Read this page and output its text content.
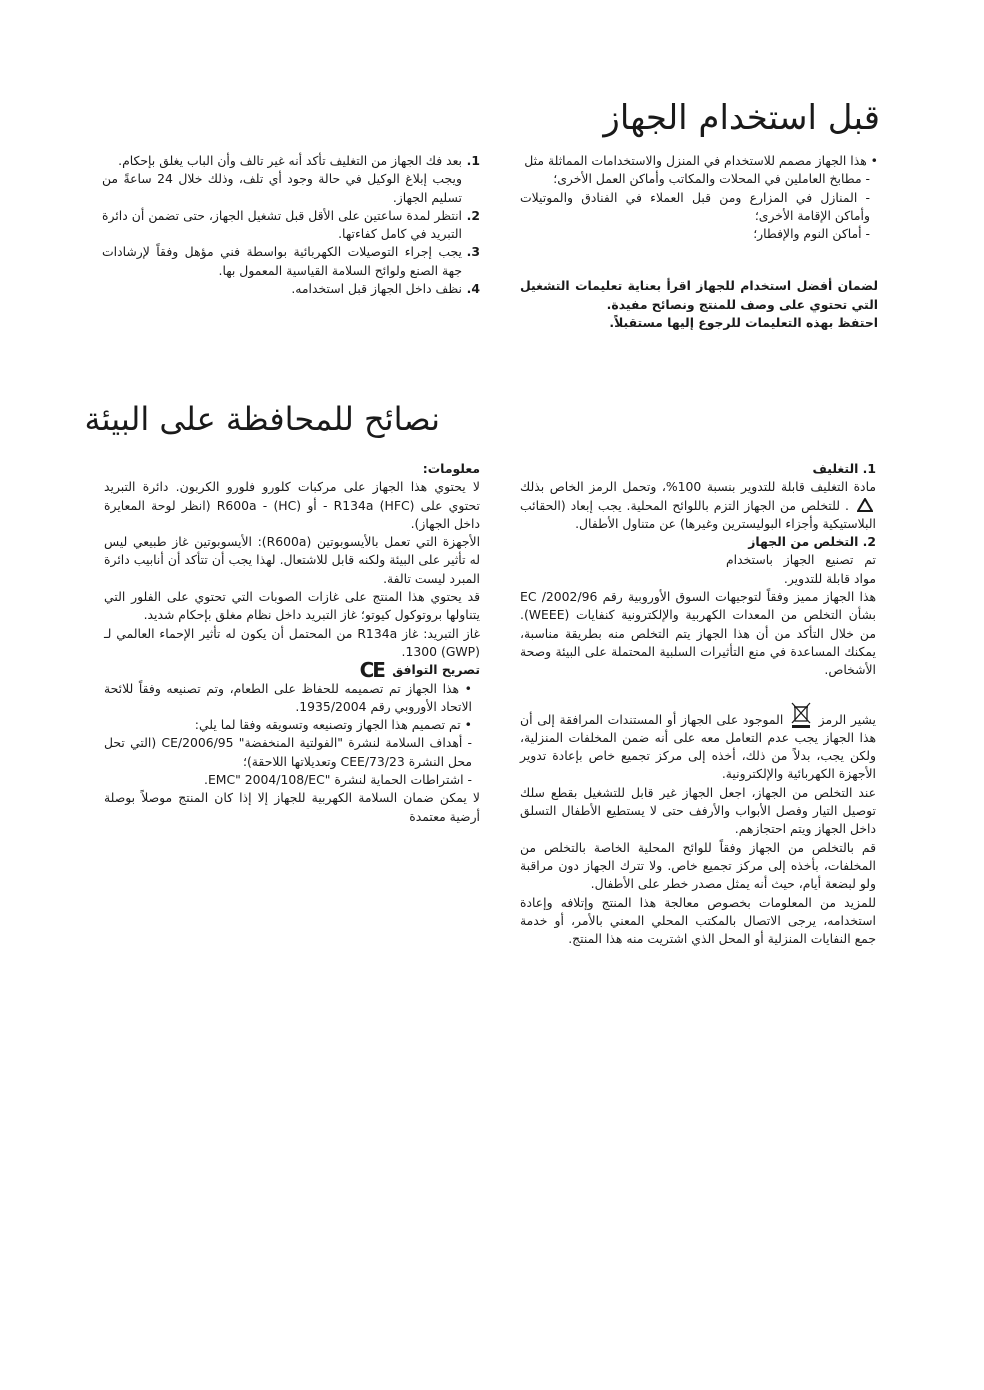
قبل استخدام الجهاز

• هذا الجهاز مصمم للاستخدام في المنزل والاستخدامات المماثلة مثل

- مطابخ العاملين في المحلات والمكاتب وأماكن العمل الأخرى؛

- المنازل في المزارع ومن قبل العملاء في الفنادق والموتيلات وأماكن الإقامة الأخرى؛

- أماكن النوم والإفطار؛

لضمان أفضل استخدام للجهاز اقرأ بعناية تعليمات التشغيل التي تحتوي على وصف للمنتج ونصائح مفيدة.

احتفظ بهذه التعليمات للرجوع إليها مستقبلاً.

1.

بعد فك الجهاز من التغليف تأكد أنه غير تالف وأن الباب يغلق بإحكام.

ويجب إبلاغ الوكيل في حالة وجود أي تلف، وذلك خلال 24 ساعةً من تسليم الجهاز.

2.

انتظر لمدة ساعتين على الأقل قبل تشغيل الجهاز، حتى تضمن أن دائرة التبريد في كامل كفاءتها.

3.

يجب إجراء التوصيلات الكهربائية بواسطة فني مؤهل وفقاً لإرشادات جهة الصنع ولوائح السلامة القياسية المعمول بها.

4.

نظف داخل الجهاز قبل استخدامه.

نصائح للمحافظة على البيئة

1. التغليف

مادة التغليف قابلة للتدوير بنسبة 100%، وتحمل الرمز الخاص بذلك  . للتخلص من الجهاز التزم باللوائح المحلية. يجب إبعاد (الحقائب البلاستيكية وأجزاء البوليسترين وغيرها) عن متناول الأطفال.

2. التخلص من الجهاز

تم تصنيع الجهاز باستخدام مواد قابلة للتدوير.

هذا الجهاز مميز وفقاً لتوجيهات السوق الأوروبية رقم 2002/96/ EC بشأن التخلص من المعدات الكهربية والإلكترونية كنفايات (WEEE). من خلال التأكد من أن هذا الجهاز يتم التخلص منه بطريقة مناسبة، يمكنك المساعدة في منع التأثيرات السلبية المحتملة على البيئة وصحة الأشخاص.

يشير الرمز  الموجود على الجهاز أو المستندات المرافقة إلى أن هذا الجهاز يجب عدم التعامل معه على أنه ضمن المخلفات المنزلية، ولكن يجب، بدلاً من ذلك، أخذه إلى مركز تجميع خاص بإعادة تدوير الأجهزة الكهربائية والإلكترونية.

عند التخلص من الجهاز، اجعل الجهاز غير قابل للتشغيل بقطع سلك توصيل التيار وفصل الأبواب والأرفف حتى لا يستطيع الأطفال التسلق داخل الجهاز ويتم احتجازهم.

قم بالتخلص من الجهاز وفقاً للوائح المحلية الخاصة بالتخلص من المخلفات، بأخذه إلى مركز تجميع خاص. ولا تترك الجهاز دون مراقبة ولو لبضعة أيام، حيث أنه يمثل مصدر خطر على الأطفال.

للمزيد من المعلومات بخصوص معالجة هذا المنتج وإتلافه وإعادة استخدامه، يرجى الاتصال بالمكتب المحلي المعني بالأمر، أو خدمة جمع النفايات المنزلية أو المحل الذي اشتريت منه هذا المنتج.

معلومات:

لا يحتوي هذا الجهاز على مركبات كلورو فلورو الكربون. دائرة التبريد تحتوي على R134a (HFC) - أو R600a - (HC) (انظر لوحة المعايرة داخل الجهاز).

الأجهزة التي تعمل بالأيسوبوتين (R600a): الأيسوبوتين غاز طبيعي ليس له تأثير على البيئة ولكنه قابل للاشتعال. لهذا يجب أن تتأكد أن أنابيب دائرة المبرد ليست تالفة.

قد يحتوي هذا المنتج على غازات الصوبات التي تحتوي على الفلور التي يتناولها بروتوكول كيوتو؛ غاز التبريد داخل نظام مغلق بإحكام شديد.

غاز التبريد: غاز R134a من المحتمل أن يكون له تأثير الإحماء العالمي لـ (GWP) 1300.

تصريح التوافق CE

• هذا الجهاز تم تصميمه للحفاظ على الطعام، وتم تصنيعه وفقاً للائحة الاتحاد الأوروبي رقم 1935/2004.

• تم تصميم هذا الجهاز وتصنيعه وتسويقه وفقا لما يلي:

- أهداف السلامة لنشرة "الفولتية المنخفضة" CE/2006/95 (التي تحل محل النشرة CEE/73/23 وتعديلاتها اللاحقة)؛

- اشتراطات الحماية لنشرة "EMC" 2004/108/EC.

لا يمكن ضمان السلامة الكهربية للجهاز إلا إذا كان المنتج موصلاً بوصلة أرضية معتمدة
